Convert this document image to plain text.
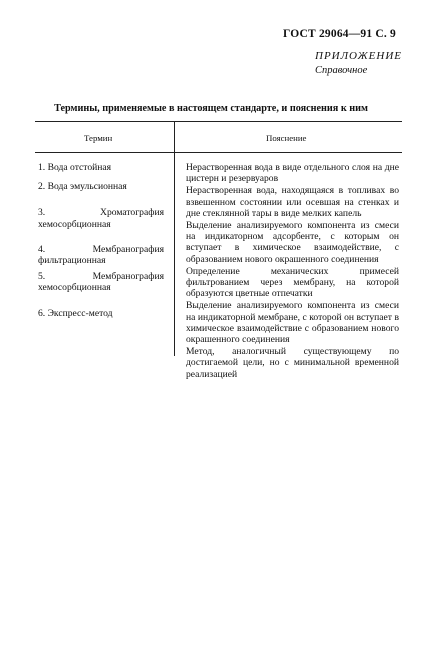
ГОСТ 29064—91 С. 9
ПРИЛОЖЕНИЕ
Справочное
Термины, применяемые в настоящем стандарте, и пояснения к ним
Термин	Пояснение
1. Вода отстойная
2. Вода эмульсионная
3. Хроматография хемосорбционная
4. Мембранография фильтрационная
5. Мембранография хемосорбционная
6. Экспресс-метод
Нерастворенная вода в виде отдельного слоя на дне цистерн и резервуаров
Нерастворенная вода, находящаяся в топливах во взвешенном состоянии или осевшая на стенках и дне стеклянной тары в виде мелких капель
Выделение анализируемого компонента из смеси на индикаторном адсорбенте, с которым он вступает в химическое взаимодействие, с образованием нового окрашенного соединения
Определение механических примесей фильтрованием через мембрану, на которой образуются цветные отпечатки
Выделение анализируемого компонента из смеси на индикаторной мембране, с которой он вступает в химическое взаимодействие с образованием нового окрашенного соединения
Метод, аналогичный существующему по достигаемой цели, но с минимальной временной реализацией
